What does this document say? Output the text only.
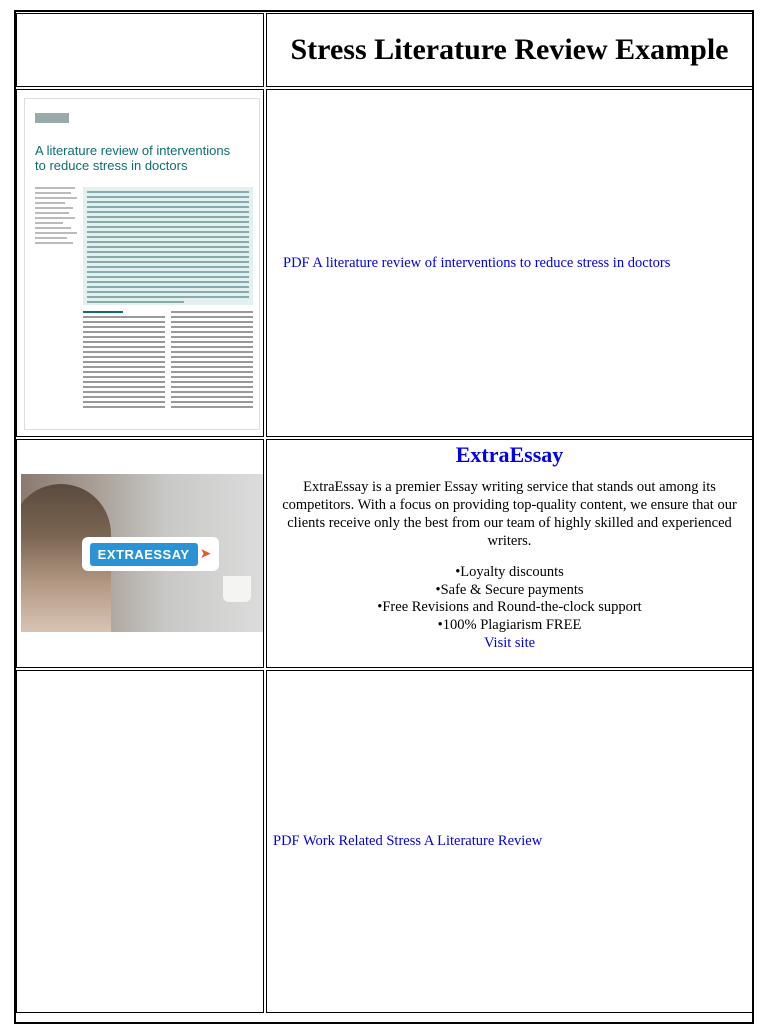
Stress Literature Review Example
A literature review of interventions
to reduce stress in doctors
PDF A literature review of interventions to reduce stress in doctors
EXTRAESSAY ➤
ExtraEssay
ExtraEssay is a premier Essay writing service that stands out among its competitors. With a focus on providing top-quality content, we ensure that our clients receive only the best from our team of highly skilled and experienced writers.
• Loyalty discounts
• Safe & Secure payments
• Free Revisions and Round-the-clock support
• 100% Plagiarism FREE
Visit site
PDF Work Related Stress A Literature Review
